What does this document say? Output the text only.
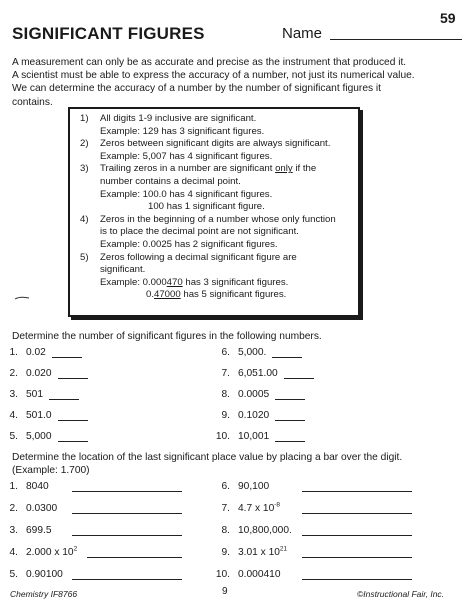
59
SIGNIFICANT FIGURES	Name

A measurement can only be as accurate and precise as the instrument that produced it.

A scientist must be able to express the accuracy of a number, not just its numerical value.

We can determine the accuracy of a number by the number of significant figures it

contains.

1) All digits 1-9 inclusive are significant.
Example: 129 has 3 significant figures.
2) Zeros between significant digits are always significant.
Example: 5,007 has 4 significant figures.
3) Trailing zeros in a number are significant only if the
number contains a decimal point.
Example: 100.0 has 4 significant figures.
100 has 1 significant figure.
4) Zeros in the beginning of a number whose only function
is to place the decimal point are not significant.
Example: 0.0025 has 2 significant figures.
5) Zeros following a decimal significant figure are
significant.
Example: 0.000470 has 3 significant figures.
0.47000 has 5 significant figures.
Determine the number of significant figures in the following numbers.
1. 0.02
2. 0.020
3. 501
4. 501.0
5. 5,000
6. 5,000.
7. 6,051.00
8. 0.0005
9. 0.1020
10. 10,001
Determine the location of the last significant place value by placing a bar over the digit.
(Example: 1.700)
1. 8040
2. 0.0300
3. 699.5
4. 2.000 x $10^2$
5. 0.90100
6. 90,100
7. 4.7 x $10^{-8}$
8. 10,800,000.
9. 3.01 x $10^{21}$
10. 0.000410
Chemistry IF8766	9	©Instructional Fair, Inc.
